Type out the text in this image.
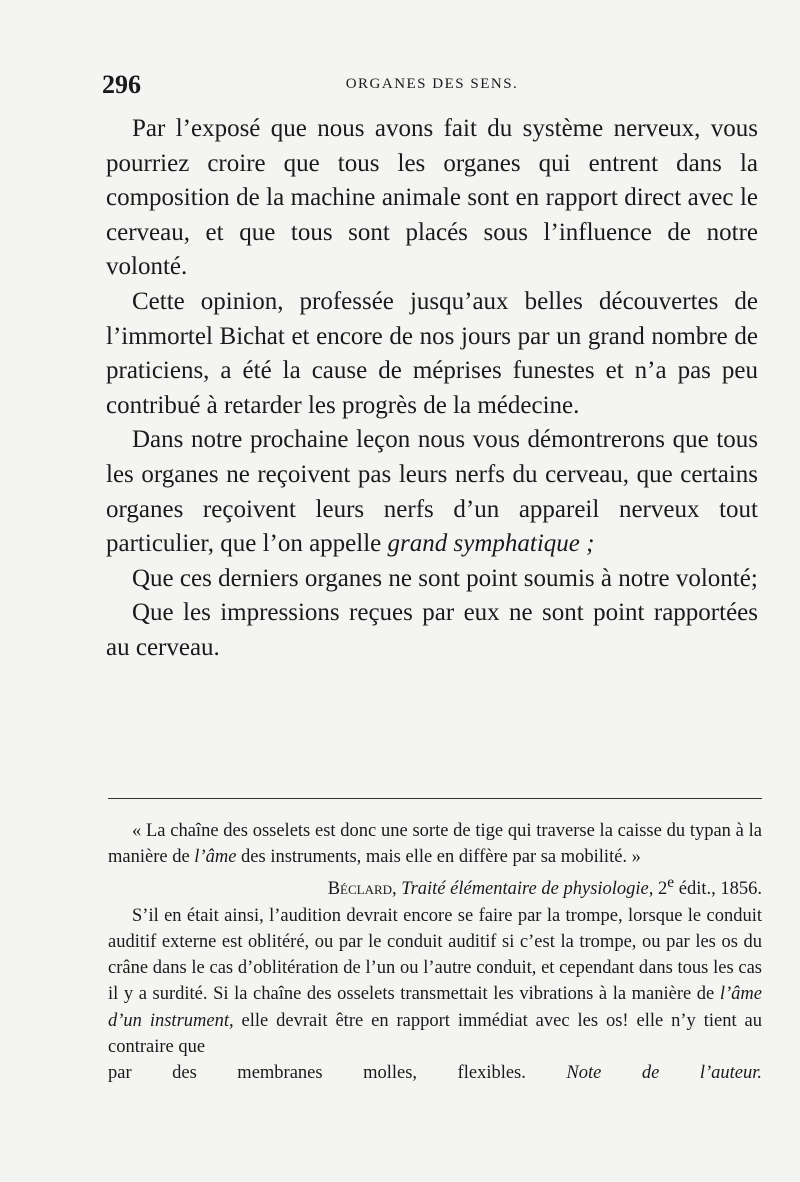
296	ORGANES DES SENS.

Par l’exposé que nous avons fait du système nerveux, vous pourriez croire que tous les organes qui entrent dans la composition de la machine animale sont en rapport direct avec le cerveau, et que tous sont placés sous l’influence de notre volonté.

Cette opinion, professée jusqu’aux belles découvertes de l’immortel Bichat et encore de nos jours par un grand nombre de praticiens, a été la cause de méprises funestes et n’a pas peu contribué à retarder les progrès de la médecine.

Dans notre prochaine leçon nous vous démontrerons que tous les organes ne reçoivent pas leurs nerfs du cerveau, que certains organes reçoivent leurs nerfs d’un appareil nerveux tout particulier, que l’on appelle grand symphatique ;

Que ces derniers organes ne sont point soumis à notre volonté;

Que les impressions reçues par eux ne sont point rapportées au cerveau.

« La chaîne des osselets est donc une sorte de tige qui traverse la caisse du typan à la manière de l’âme des instruments, mais elle en diffère par sa mobilité. »

Béclard, Traité élémentaire de physiologie, 2e édit., 1856.

S’il en était ainsi, l’audition devrait encore se faire par la trompe, lorsque le conduit auditif externe est oblitéré, ou par le conduit auditif si c’est la trompe, ou par les os du crâne dans le cas d’oblitération de l’un ou l’autre conduit, et cependant dans tous les cas il y a surdité. Si la chaîne des osselets transmettait les vibrations à la manière de l’âme d’un instrument, elle devrait être en rapport immédiat avec les os! elle n’y tient au contraire que

par des membranes molles, flexibles. Note de l’auteur.
